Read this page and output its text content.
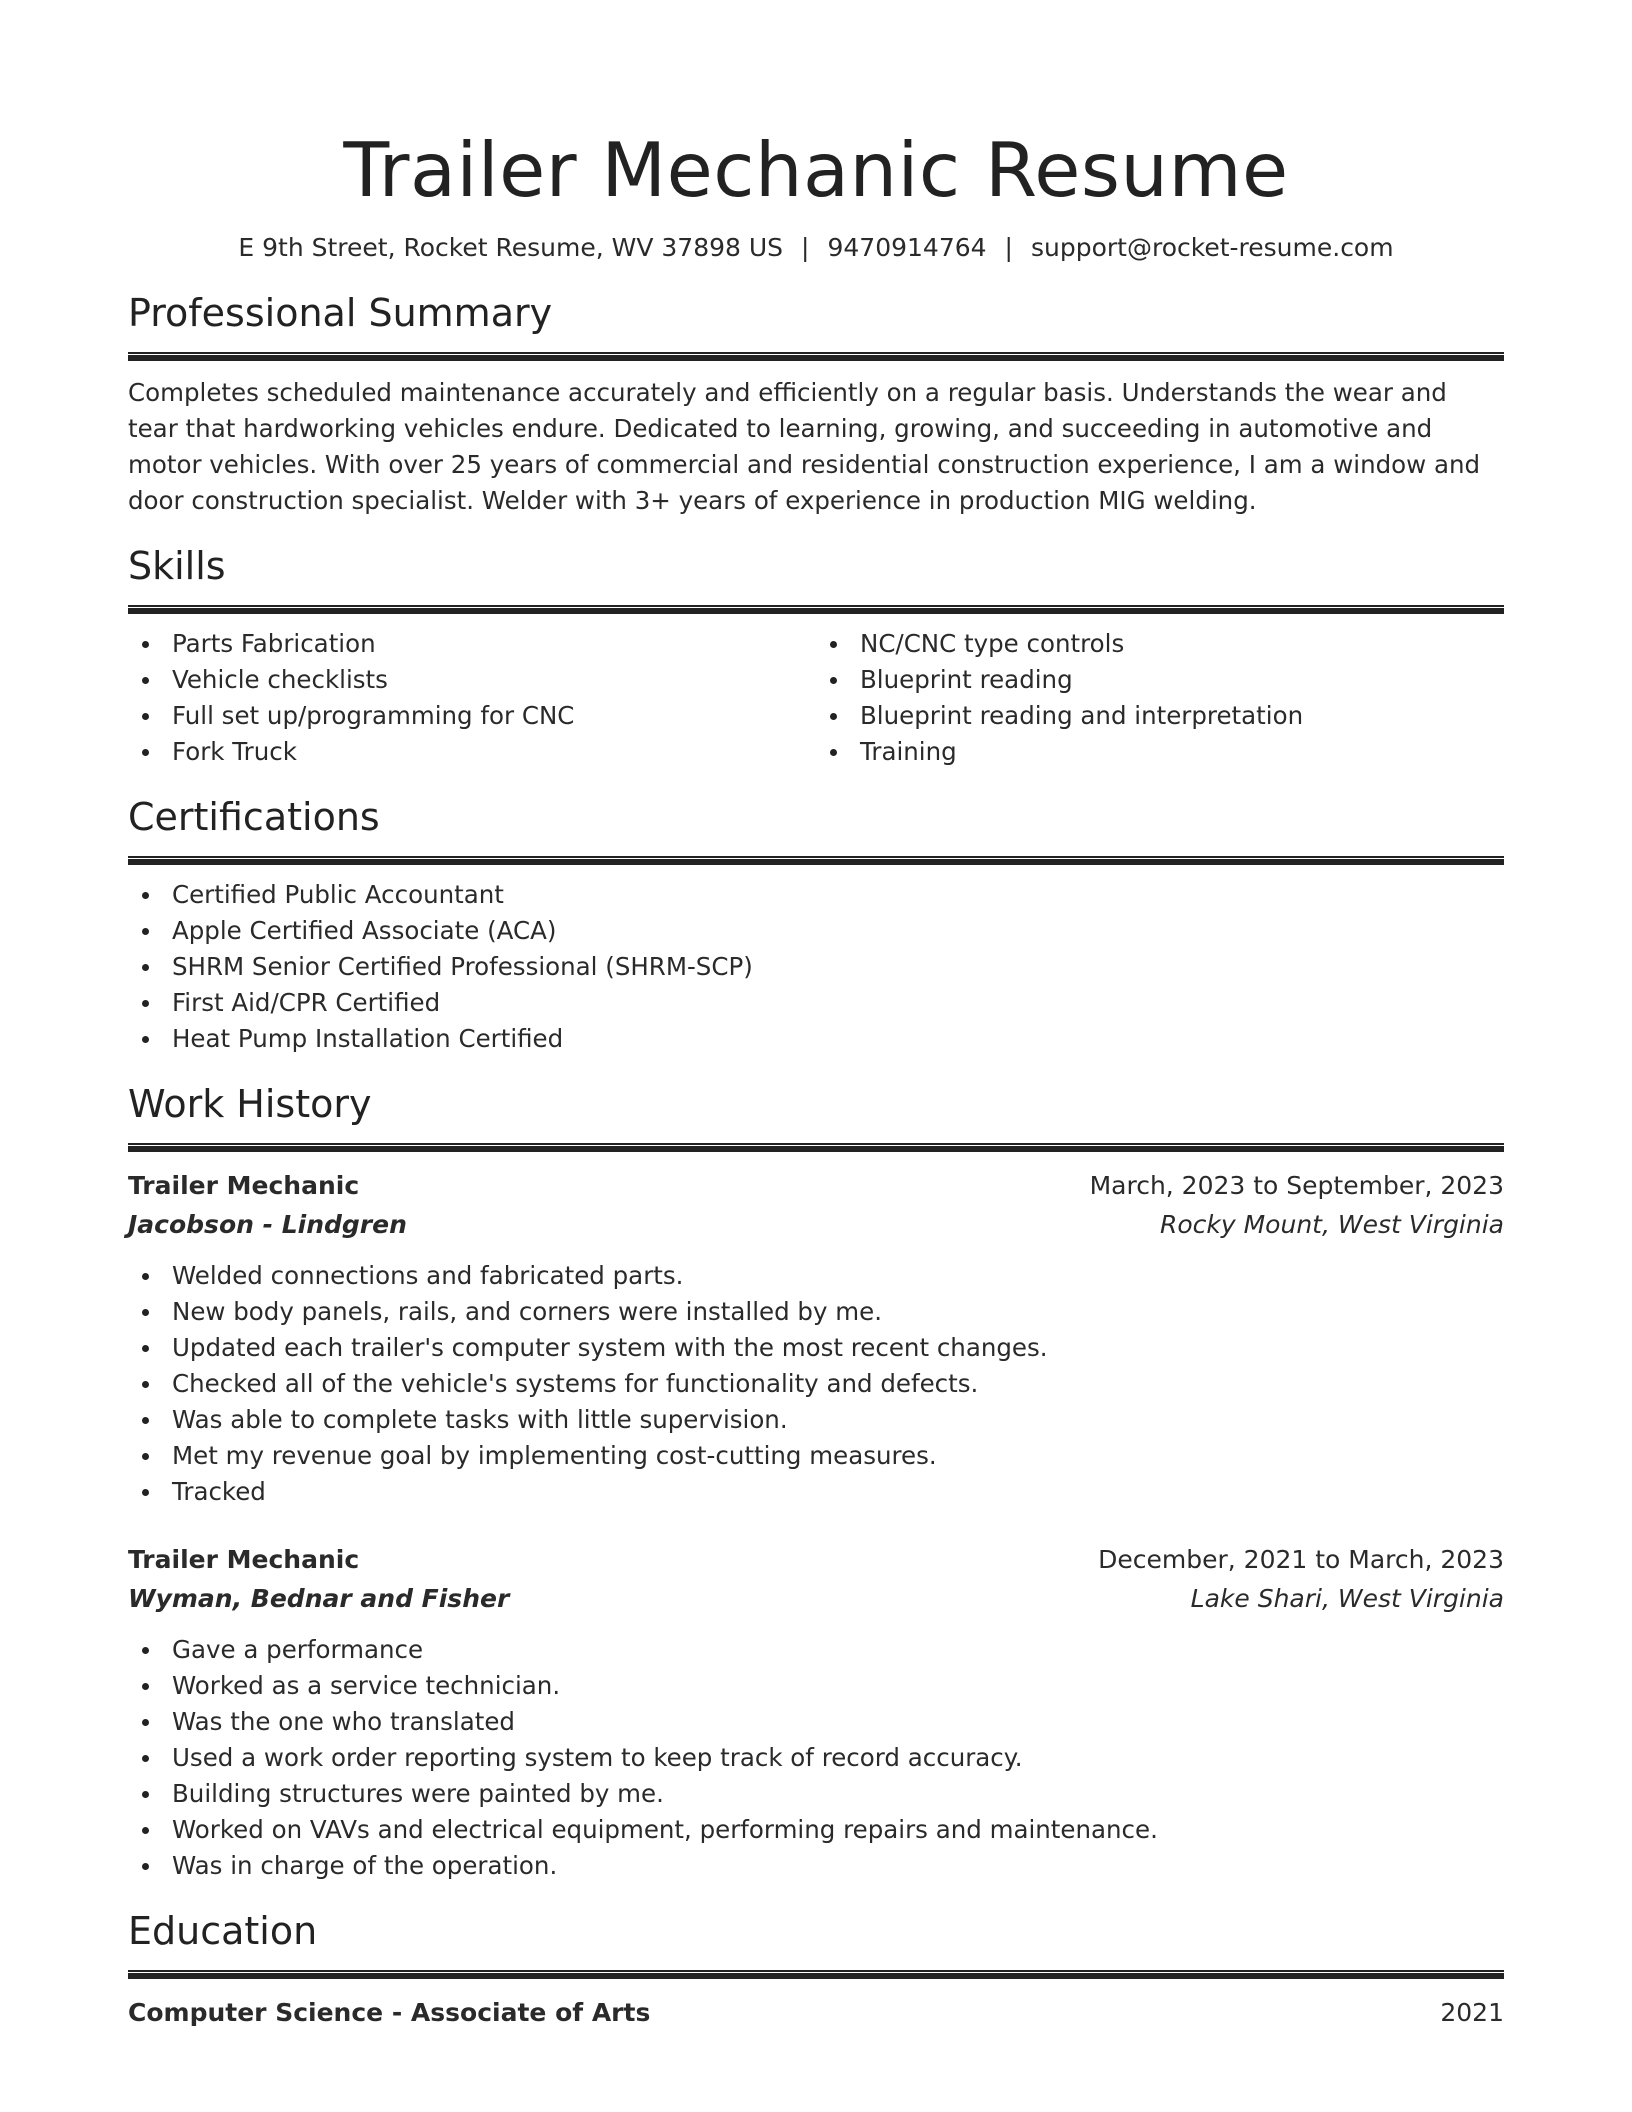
Trailer Mechanic Resume
E 9th Street, Rocket Resume, WV 37898 US | 9470914764 | support@rocket-resume.com
Professional Summary

Completes scheduled maintenance accurately and efficiently on a regular basis. Understands the wear and tear that hardworking vehicles endure. Dedicated to learning, growing, and succeeding in automotive and motor vehicles. With over 25 years of commercial and residential construction experience, I am a window and door construction specialist. Welder with 3+ years of experience in production MIG welding.

Skills
Parts Fabrication
Vehicle checklists
Full set up/programming for CNC
Fork Truck
NC/CNC type controls
Blueprint reading
Blueprint reading and interpretation
Training
Certifications
Certified Public Accountant
Apple Certified Associate (ACA)
SHRM Senior Certified Professional (SHRM-SCP)
First Aid/CPR Certified
Heat Pump Installation Certified
Work History
Trailer Mechanic	March, 2023 to September, 2023
Jacobson - Lindgren	Rocky Mount, West Virginia
Welded connections and fabricated parts.
New body panels, rails, and corners were installed by me.
Updated each trailer's computer system with the most recent changes.
Checked all of the vehicle's systems for functionality and defects.
Was able to complete tasks with little supervision.
Met my revenue goal by implementing cost-cutting measures.
Tracked
Trailer Mechanic	December, 2021 to March, 2023
Wyman, Bednar and Fisher	Lake Shari, West Virginia
Gave a performance
Worked as a service technician.
Was the one who translated
Used a work order reporting system to keep track of record accuracy.
Building structures were painted by me.
Worked on VAVs and electrical equipment, performing repairs and maintenance.
Was in charge of the operation.
Education
Computer Science - Associate of Arts	2021
